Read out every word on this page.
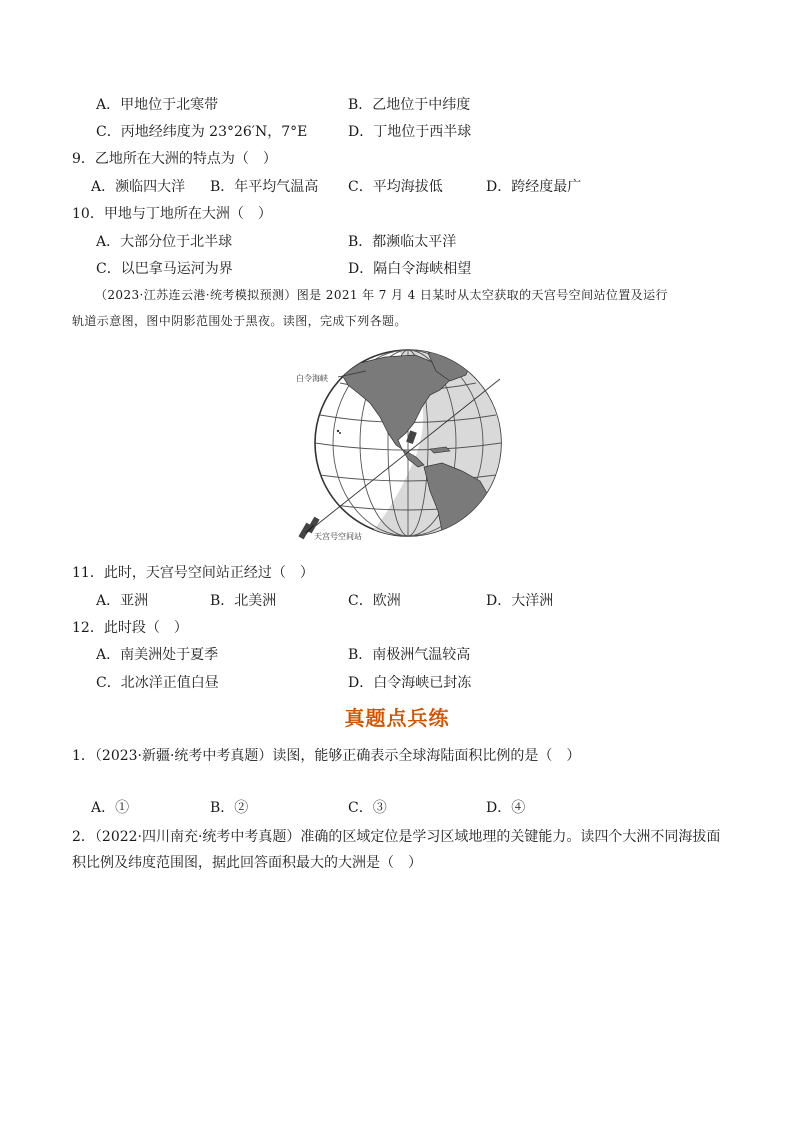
A．甲地位于北寒带	B．乙地位于中纬度
C．丙地经纬度为 23°26′N，7°E	D．丁地位于西半球
9．乙地所在大洲的特点为（　）
A．濒临四大洋 B．年平均气温高 C．平均海拔低	D．跨经度最广
10．甲地与丁地所在大洲（　）
A．大部分位于北半球	B．都濒临太平洋
C．以巴拿马运河为界	D．隔白令海峡相望
（2023·江苏连云港·统考模拟预测）图是 2021 年 7 月 4 日某时从太空获取的天宫号空间站位置及运行
轨道示意图，图中阴影范围处于黑夜。读图，完成下列各题。
白令海峡
天宫号空间站
11．此时，天宫号空间站正经过（　）
A．亚洲	B．北美洲	C．欧洲	D．大洋洲
12．此时段（　）
A．南美洲处于夏季	B．南极洲气温较高
C．北冰洋正值白昼	D．白令海峡已封冻
真题点兵练
1．（2023·新疆·统考中考真题）读图，能够正确表示全球海陆面积比例的是（　）
A．①	B．②	C．③	D．④
2．（2022·四川南充·统考中考真题）准确的区域定位是学习区域地理的关键能力。读四个大洲不同海拔面
积比例及纬度范围图，据此回答面积最大的大洲是（　）
